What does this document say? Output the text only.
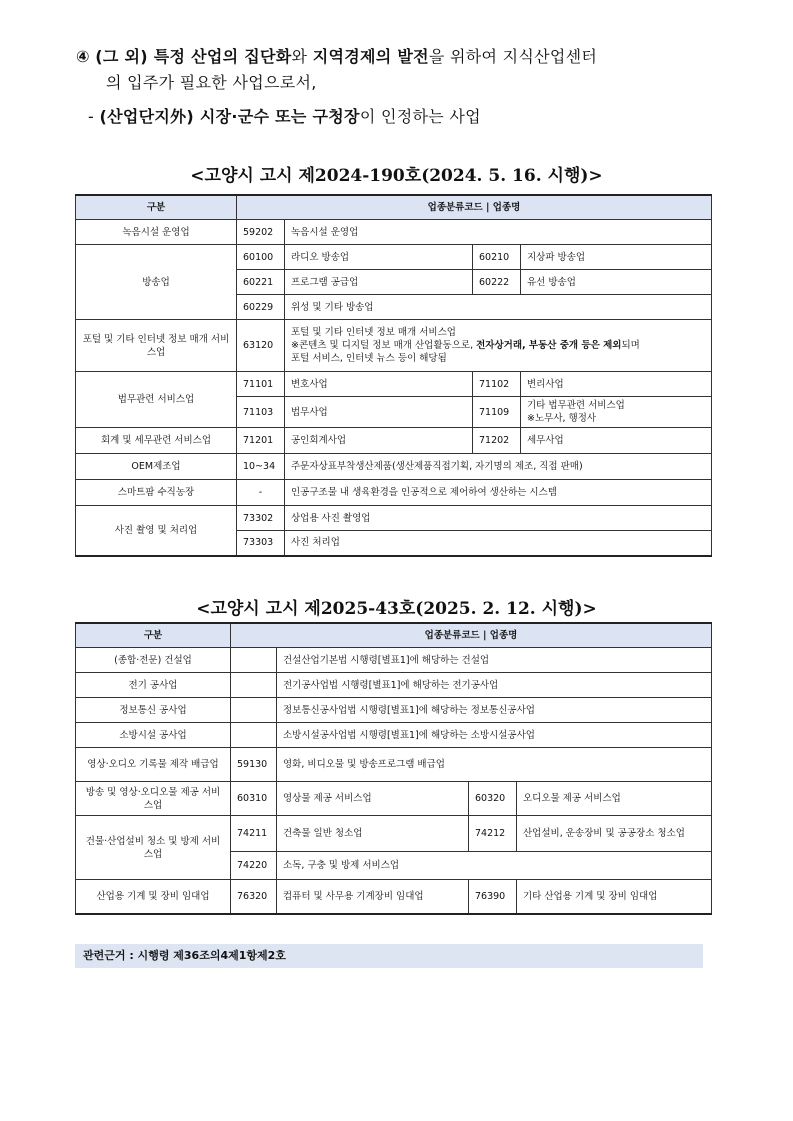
④ (그 외) 특정 산업의 집단화와 지역경제의 발전을 위하여 지식산업센터

의 입주가 필요한 사업으로서,

- (산업단지外) 시장·군수 또는 구청장이 인정하는 사업

<고양시 고시 제2024-190호(2024. 5. 16. 시행)>
구분	업종분류코드 | 업종명			
녹음시설 운영업	59202	녹음시설 운영업		
방송업	60100	라디오 방송업	60210	지상파 방송업
	60221	프로그램 공급업	60222	유선 방송업
	60229	위성 및 기타 방송업		
포털 및 기타 인터넷 정보 매개 서비스업	63120	포털 및 기타 인터넷 정보 매개 서비스업
※콘텐츠 및 디지털 정보 매개 산업활동으로, 전자상거래, 부동산 중개 등은 제외되며
포털 서비스, 인터넷 뉴스 등이 해당됨		

법무관련 서비스업	71101	변호사업	71102	변리사업
	71103	법무사업	71109	기타 법무관련 서비스업
※노무사, 행정사

회계 및 세무관련 서비스업	71201	공인회계사업	71202	세무사업
OEM제조업	10~34	주문자상표부착생산제품(생산제품직접기획, 자기명의 제조, 직접 판매)		
스마트팜 수직농장	-	인공구조물 내 생육환경을 인공적으로 제어하여 생산하는 시스템		
사진 촬영 및 처리업	73302	상업용 사진 촬영업		
	73303	사진 처리업		
<고양시 고시 제2025-43호(2025. 2. 12. 시행)>
구분	업종분류코드 | 업종명			
(종합·전문) 건설업		건설산업기본법 시행령[별표1]에 해당하는 건설업		
전기 공사업		전기공사업법 시행령[별표1]에 해당하는 전기공사업		
정보통신 공사업		정보통신공사업법 시행령[별표1]에 해당하는 정보통신공사업		
소방시설 공사업		소방시설공사업법 시행령[별표1]에 해당하는 소방시설공사업		
영상·오디오 기록물 제작 배급업	59130	영화, 비디오물 및 방송프로그램 배급업		
방송 및 영상·오디오물 제공 서비스업	60310	영상물 제공 서비스업	60320	오디오물 제공 서비스업
건물·산업설비 청소 및 방제 서비스업	74211	건축물 일반 청소업	74212	산업설비, 운송장비 및 공공장소 청소업
	74220	소독, 구충 및 방제 서비스업		
산업용 기계 및 장비 임대업	76320	컴퓨터 및 사무용 기계장비 임대업	76390	기타 산업용 기계 및 장비 임대업
관련근거 : 시행령 제36조의4제1항제2호
